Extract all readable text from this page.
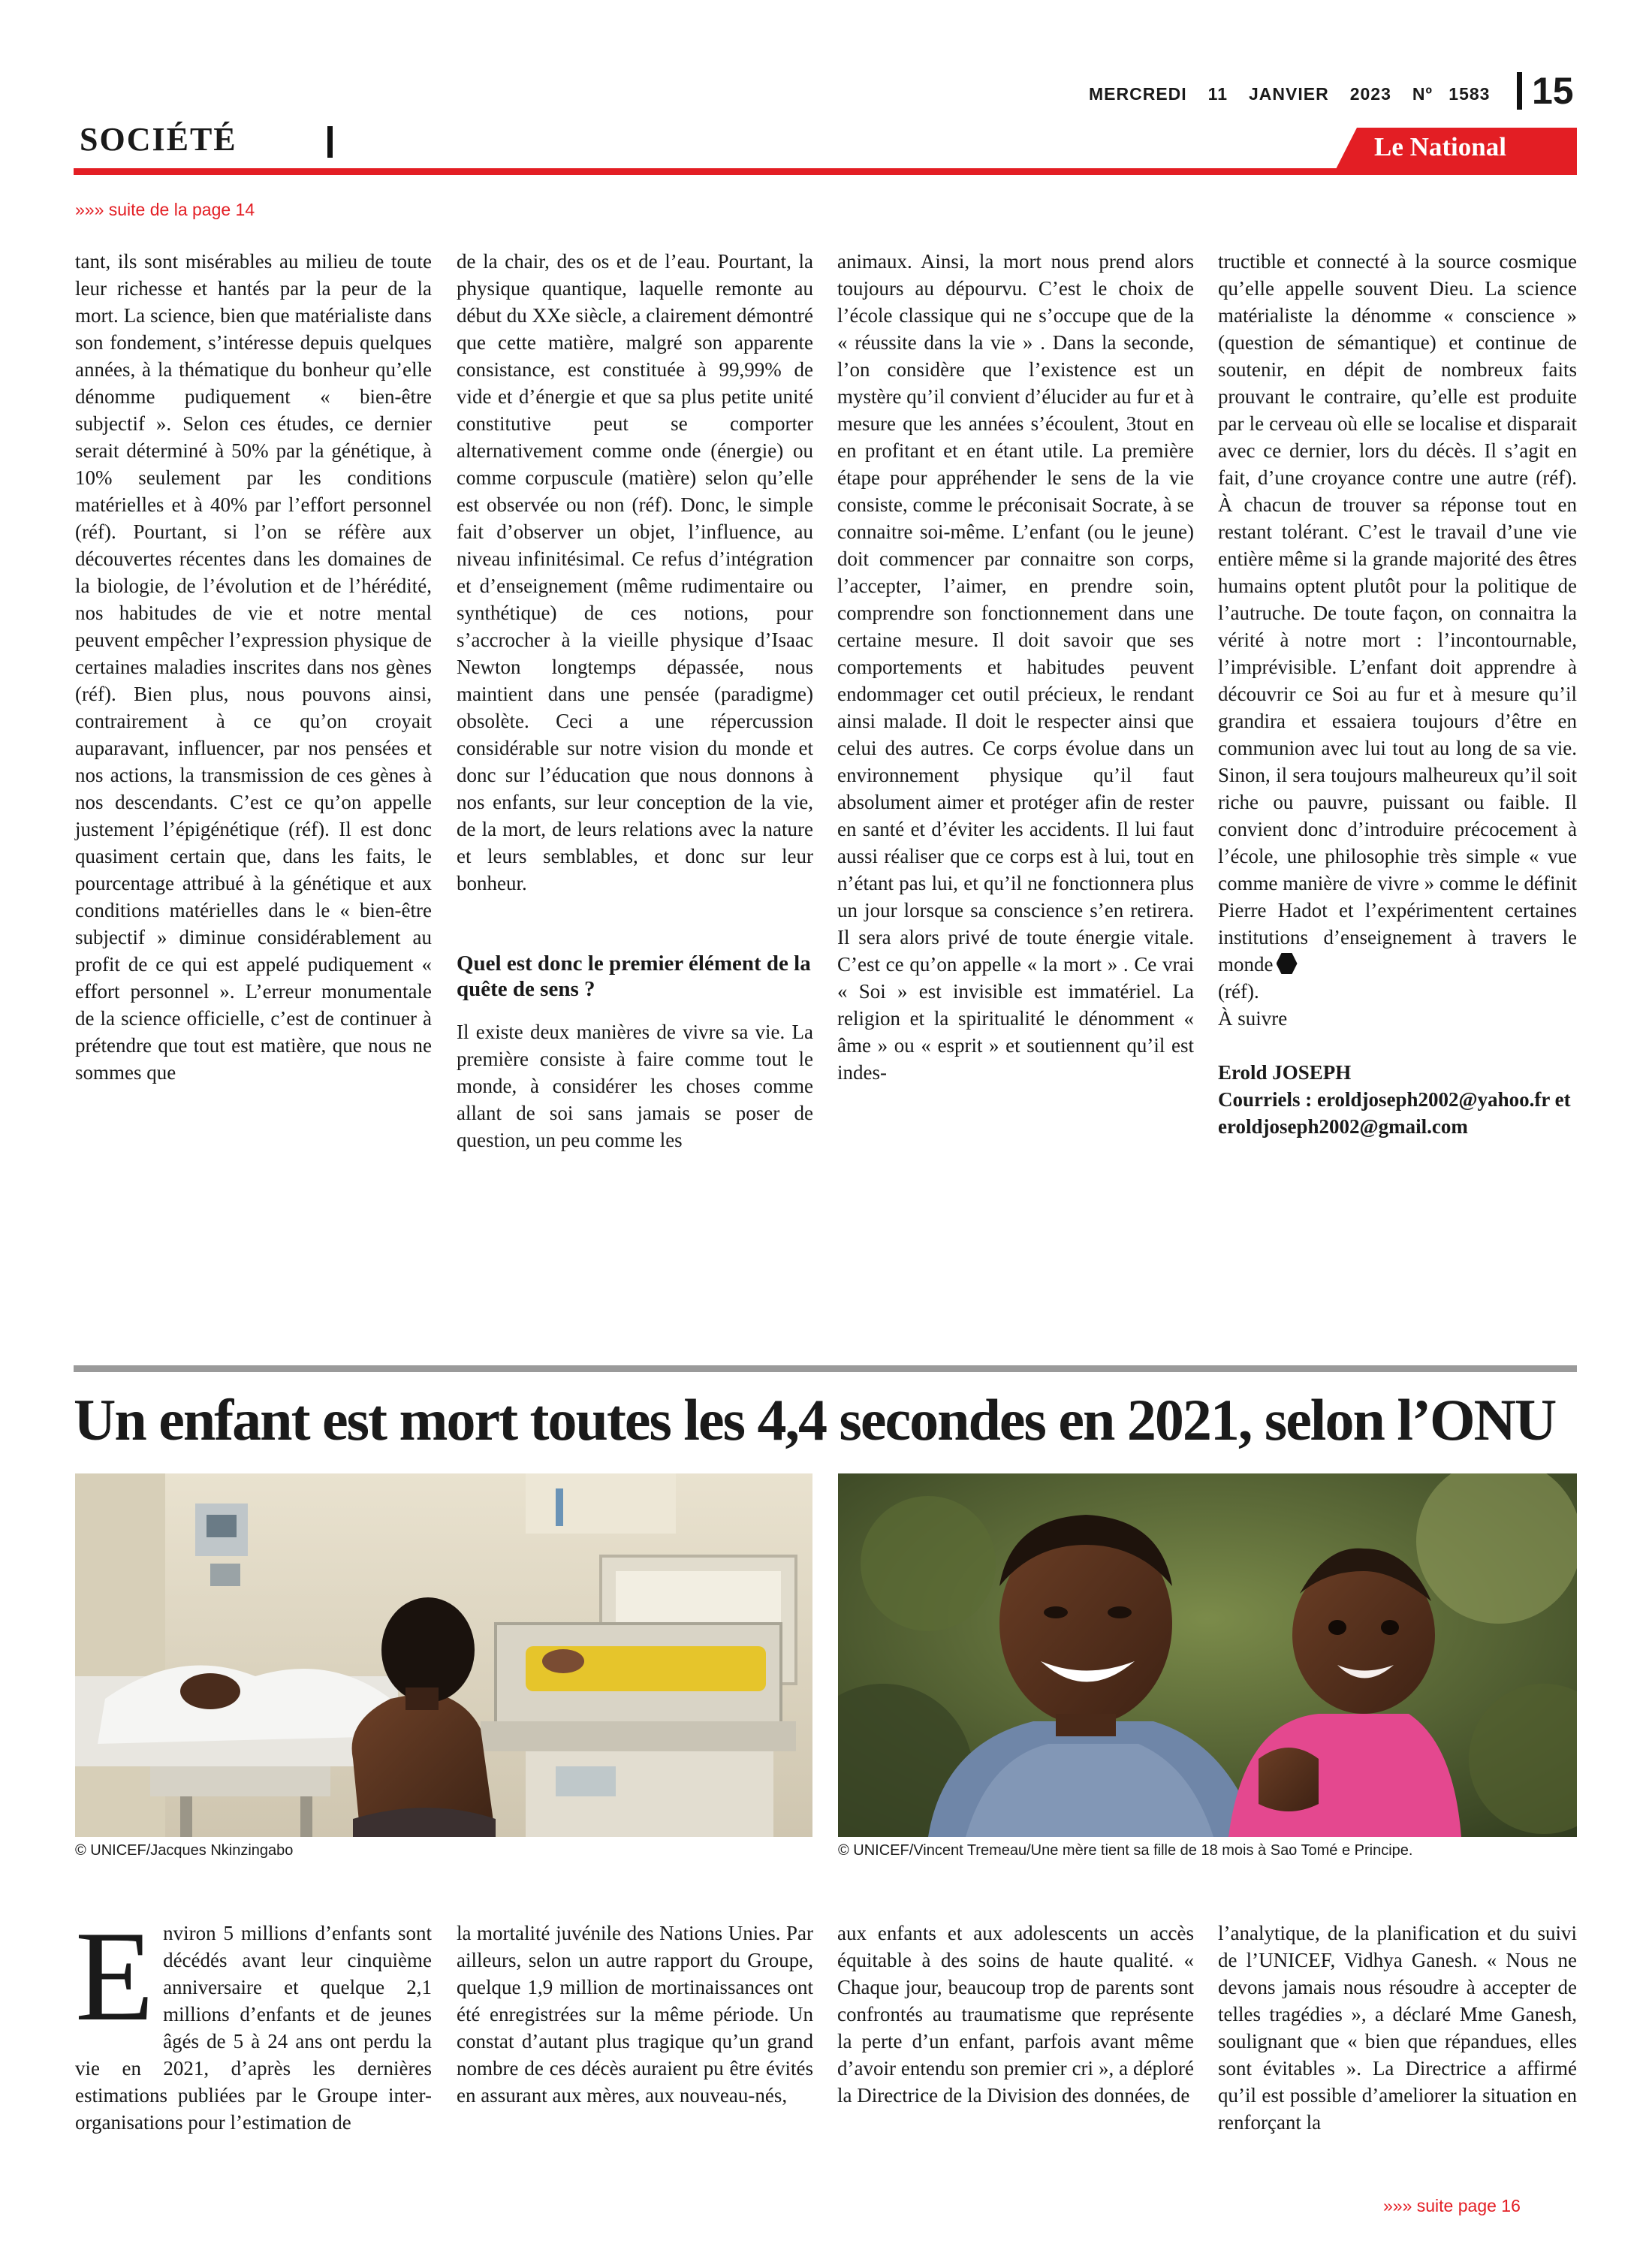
MERCREDI 11 JANVIER 2023 Nº 1583	15
SOCIÉTÉ	Le National
»»» suite de la page 14

tant, ils sont misérables au milieu de toute leur richesse et hantés par la peur de la mort. La science, bien que matérialiste dans son fondement, s’intéresse depuis quelques années, à la thématique du bonheur qu’elle dénomme pudiquement « bien-être subjectif ». Selon ces études, ce dernier serait déterminé à 50% par la génétique, à 10% seulement par les conditions matérielles et à 40% par l’effort personnel (réf). Pourtant, si l’on se réfère aux découvertes récentes dans les domaines de la biologie, de l’évolution et de l’hérédité, nos habitudes de vie et notre mental peuvent empêcher l’expression physique de certaines maladies inscrites dans nos gènes (réf). Bien plus, nous pouvons ainsi, contrairement à ce qu’on croyait auparavant, influencer, par nos pensées et nos actions, la transmission de ces gènes à nos descendants. C’est ce qu’on appelle justement l’épigénétique (réf). Il est donc quasiment certain que, dans les faits, le pourcentage attribué à la génétique et aux conditions matérielles dans le « bien-être subjectif » diminue considérablement au profit de ce qui est appelé pudiquement « effort personnel ». L’erreur monumentale de la science officielle, c’est de continuer à prétendre que tout est matière, que nous ne sommes que

de la chair, des os et de l’eau. Pourtant, la physique quantique, laquelle remonte au début du XXe siècle, a clairement démontré que cette matière, malgré son apparente consistance, est constituée à 99,99% de vide et d’énergie et que sa plus petite unité constitutive peut se comporter alternativement comme onde (énergie) ou comme corpuscule (matière) selon qu’elle est observée ou non (réf). Donc, le simple fait d’observer un objet, l’influence, au niveau infinitésimal. Ce refus d’intégration et d’enseignement (même rudimentaire ou synthétique) de ces notions, pour s’accrocher à la vieille physique d’Isaac Newton longtemps dépassée, nous maintient dans une pensée (paradigme) obsolète. Ceci a une répercussion considérable sur notre vision du monde et donc sur l’éducation que nous donnons à nos enfants, sur leur conception de la vie, de la mort, de leurs relations avec la nature et leurs semblables, et donc sur leur bonheur.

Quel est donc le premier élément de la quête de sens ?

Il existe deux manières de vivre sa vie. La première consiste à faire comme tout le monde, à considérer les choses comme allant de soi sans jamais se poser de question, un peu comme les

animaux. Ainsi, la mort nous prend alors toujours au dépourvu. C’est le choix de l’école classique qui ne s’occupe que de la « réussite dans la vie » . Dans la seconde, l’on considère que l’existence est un mystère qu’il convient d’élucider au fur et à mesure que les années s’écoulent, 3tout en en profitant et en étant utile. La première étape pour appréhender le sens de la vie consiste, comme le préconisait Socrate, à se connaitre soi-même. L’enfant (ou le jeune) doit commencer par connaitre son corps, l’accepter, l’aimer, en prendre soin, comprendre son fonctionnement dans une certaine mesure. Il doit savoir que ses comportements et habitudes peuvent endommager cet outil précieux, le rendant ainsi malade. Il doit le respecter ainsi que celui des autres. Ce corps évolue dans un environnement physique qu’il faut absolument aimer et protéger afin de rester en santé et d’éviter les accidents. Il lui faut aussi réaliser que ce corps est à lui, tout en n’étant pas lui, et qu’il ne fonctionnera plus un jour lorsque sa conscience s’en retirera. Il sera alors privé de toute énergie vitale. C’est ce qu’on appelle « la mort » . Ce vrai « Soi » est invisible est immatériel. La religion et la spiritualité le dénomment « âme » ou « esprit » et soutiennent qu’il est indes-

tructible et connecté à la source cosmique qu’elle appelle souvent Dieu. La science matérialiste la dénomme « conscience » (question de sémantique) et continue de soutenir, en dépit de nombreux faits prouvant le contraire, qu’elle est produite par le cerveau où elle se localise et disparait avec ce dernier, lors du décès. Il s’agit en fait, d’une croyance contre une autre (réf). À chacun de trouver sa réponse tout en restant tolérant. C’est le travail d’une vie entière même si la grande majorité des êtres humains optent plutôt pour la politique de l’autruche. De toute façon, on connaitra la vérité à notre mort : l’incontournable, l’imprévisible. L’enfant doit apprendre à découvrir ce Soi au fur et à mesure qu’il grandira et essaiera toujours d’être en communion avec lui tout au long de sa vie. Sinon, il sera toujours malheureux qu’il soit riche ou pauvre, puissant ou faible. Il convient donc d’introduire précocement à l’école, une philosophie très simple « vue comme manière de vivre » comme le définit Pierre Hadot et l’expérimentent certaines institutions d’enseignement à travers le monde

(réf).

À suivre

Erold JOSEPH

Courriels : eroldjoseph2002@yahoo.fr et eroldjoseph2002@gmail.com

Un enfant est mort toutes les 4,4 secondes en 2021, selon l’ONU
© UNICEF/Jacques Nkinzingabo	© UNICEF/Vincent Tremeau/Une mère tient sa fille de 18 mois à Sao Tomé e Principe.
Environ 5 millions d’enfants sont décédés avant leur cinquième anniversaire et quelque 2,1 millions d’enfants et de jeunes âgés de 5 à 24 ans ont perdu la vie en 2021, d’après les dernières estimations publiées par le Groupe inter-organisations pour l’estimation de
la mortalité juvénile des Nations Unies. Par ailleurs, selon un autre rapport du Groupe, quelque 1,9 million de mortinaissances ont été enregistrées sur la même période. Un constat d’autant plus tragique qu’un grand nombre de ces décès auraient pu être évités en assurant aux mères, aux nouveau-nés,
aux enfants et aux adolescents un accès équitable à des soins de haute qualité. « Chaque jour, beaucoup trop de parents sont confrontés au traumatisme que représente la perte d’un enfant, parfois avant même d’avoir entendu son premier cri », a déploré la Directrice de la Division des données, de
l’analytique, de la planification et du suivi de l’UNICEF, Vidhya Ganesh. « Nous ne devons jamais nous résoudre à accepter de telles tragédies », a déclaré Mme Ganesh, soulignant que « bien que répandues, elles sont évitables ». La Directrice a affirmé qu’il est possible d’ameliorer la situation en renforçant la
»»» suite page 16
